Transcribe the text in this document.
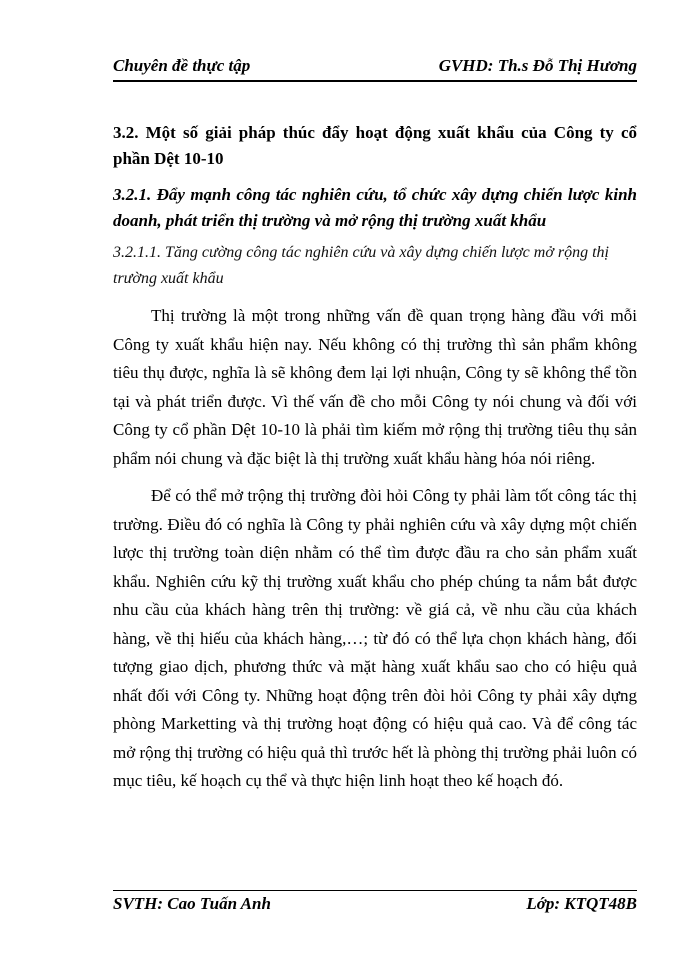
Chuyên đề thực tập	GVHD: Th.s Đỗ Thị Hương

3.2. Một số giải pháp thúc đẩy hoạt động xuất khẩu của Công ty cổ phần Dệt 10-10

3.2.1. Đẩy mạnh công tác nghiên cứu, tổ chức xây dựng chiến lược kinh doanh, phát triển thị trường và mở rộng thị trường xuất khẩu

3.2.1.1. Tăng cường công tác nghiên cứu và xây dựng chiến lược mở rộng thị trường xuất khẩu

Thị trường là một trong những vấn đề quan trọng hàng đầu với mỗi Công ty xuất khẩu hiện nay. Nếu không có thị trường thì sản phẩm không tiêu thụ được, nghĩa là sẽ không đem lại lợi nhuận, Công ty sẽ không thể tồn tại và phát triển được. Vì thế vấn đề cho mỗi Công ty nói chung và đối với Công ty cổ phần Dệt 10-10 là phải tìm kiếm mở rộng thị trường tiêu thụ sản phẩm nói chung và đặc biệt là thị trường xuất khẩu hàng hóa nói riêng.

Để có thể mở trộng thị trường đòi hỏi Công ty phải làm tốt công tác thị trường. Điều đó có nghĩa là Công ty phải nghiên cứu và xây dựng một chiến lược thị trường toàn diện nhằm có thể tìm được đầu ra cho sản phẩm xuất khẩu. Nghiên cứu kỹ thị trường xuất khẩu cho phép chúng ta nắm bắt được nhu cầu của khách hàng trên thị trường: về giá cả, về nhu cầu của khách hàng, về thị hiếu của khách hàng,…; từ đó có thể lựa chọn khách hàng, đối tượng giao dịch, phương thức và mặt hàng xuất khẩu sao cho có hiệu quả nhất đối với Công ty. Những hoạt động trên đòi hỏi Công ty phải xây dựng phòng Marketting và thị trường hoạt động có hiệu quả cao. Và để công tác mở rộng thị trường có hiệu quả thì trước hết là phòng thị trường phải luôn có mục tiêu, kế hoạch cụ thể và thực hiện linh hoạt theo kế hoạch đó.

SVTH: Cao Tuấn Anh	Lớp: KTQT48B
